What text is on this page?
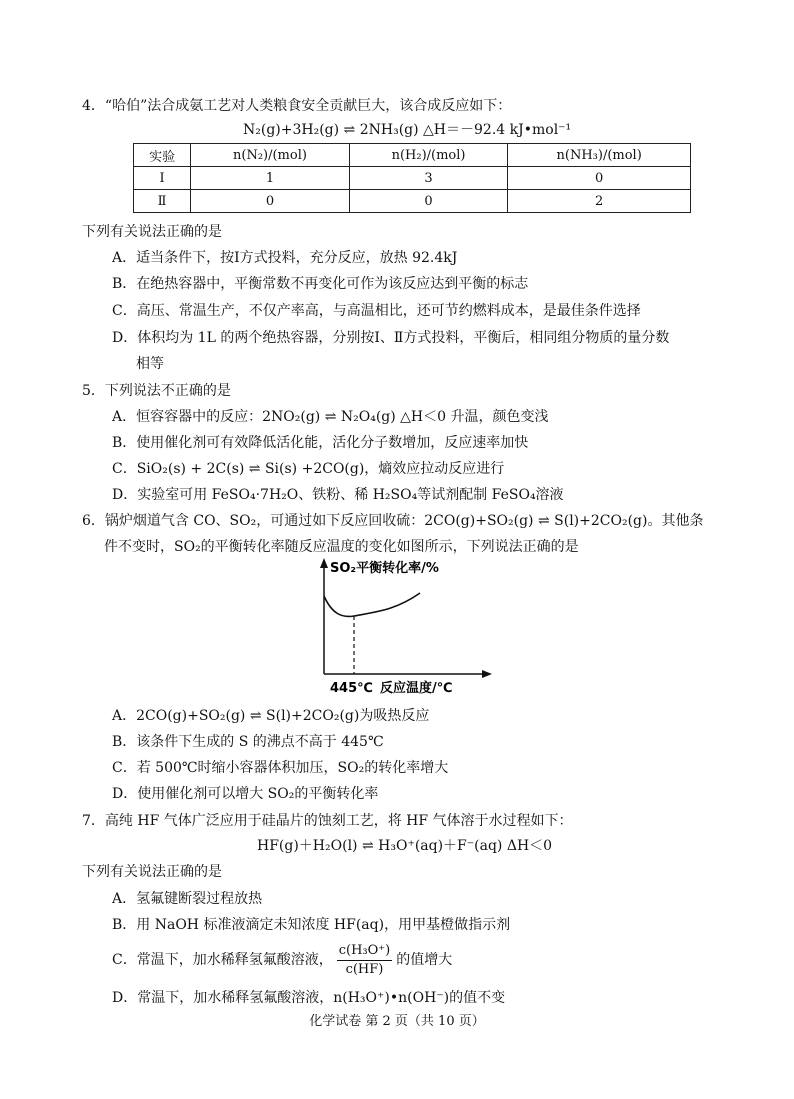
4．“哈伯”法合成氨工艺对人类粮食安全贡献巨大，该合成反应如下：
N₂(g)+3H₂(g) ⇌ 2NH₃(g) △H＝－92.4 kJ•mol⁻¹
实验	n(N₂)/(mol)	n(H₂)/(mol)	n(NH₃)/(mol)
Ⅰ	1	3	0
Ⅱ	0	0	2
下列有关说法正确的是
A．适当条件下，按Ⅰ方式投料，充分反应，放热 92.4kJ
B．在绝热容器中，平衡常数不再变化可作为该反应达到平衡的标志
C．高压、常温生产，不仅产率高，与高温相比，还可节约燃料成本，是最佳条件选择
D．体积均为 1L 的两个绝热容器，分别按Ⅰ、Ⅱ方式投料，平衡后，相同组分物质的量分数
相等
5．下列说法不正确的是
A．恒容容器中的反应：2NO₂(g) ⇌ N₂O₄(g) △H＜0 升温，颜色变浅
B．使用催化剂可有效降低活化能，活化分子数增加，反应速率加快
C．SiO₂(s) + 2C(s) ⇌ Si(s) +2CO(g)，熵效应拉动反应进行
D．实验室可用 FeSO₄·7H₂O、铁粉、稀 H₂SO₄等试剂配制 FeSO₄溶液
6．锅炉烟道气含 CO、SO₂，可通过如下反应回收硫：2CO(g)+SO₂(g) ⇌ S(l)+2CO₂(g)。其他条
件不变时，SO₂的平衡转化率随反应温度的变化如图所示，下列说法正确的是
SO₂平衡转化率/%
445℃ 反应温度/℃
A．2CO(g)+SO₂(g) ⇌ S(l)+2CO₂(g)为吸热反应
B．该条件下生成的 S 的沸点不高于 445℃
C．若 500℃时缩小容器体积加压，SO₂的转化率增大
D．使用催化剂可以增大 SO₂的平衡转化率
7．高纯 HF 气体广泛应用于硅晶片的蚀刻工艺，将 HF 气体溶于水过程如下：
HF(g)＋H₂O(l) ⇌ H₃O⁺(aq)＋F⁻(aq) ΔH＜0
下列有关说法正确的是
A．氢氟键断裂过程放热
B．用 NaOH 标准液滴定未知浓度 HF(aq)，用甲基橙做指示剂
C．常温下，加水稀释氢氟酸溶液， $\frac{\text{c(H₃O⁺)}}{c(HF)}$ 的值增大
D．常温下，加水稀释氢氟酸溶液，n(H₃O⁺)•n(OH⁻)的值不变
化学试卷 第 2 页（共 10 页）
